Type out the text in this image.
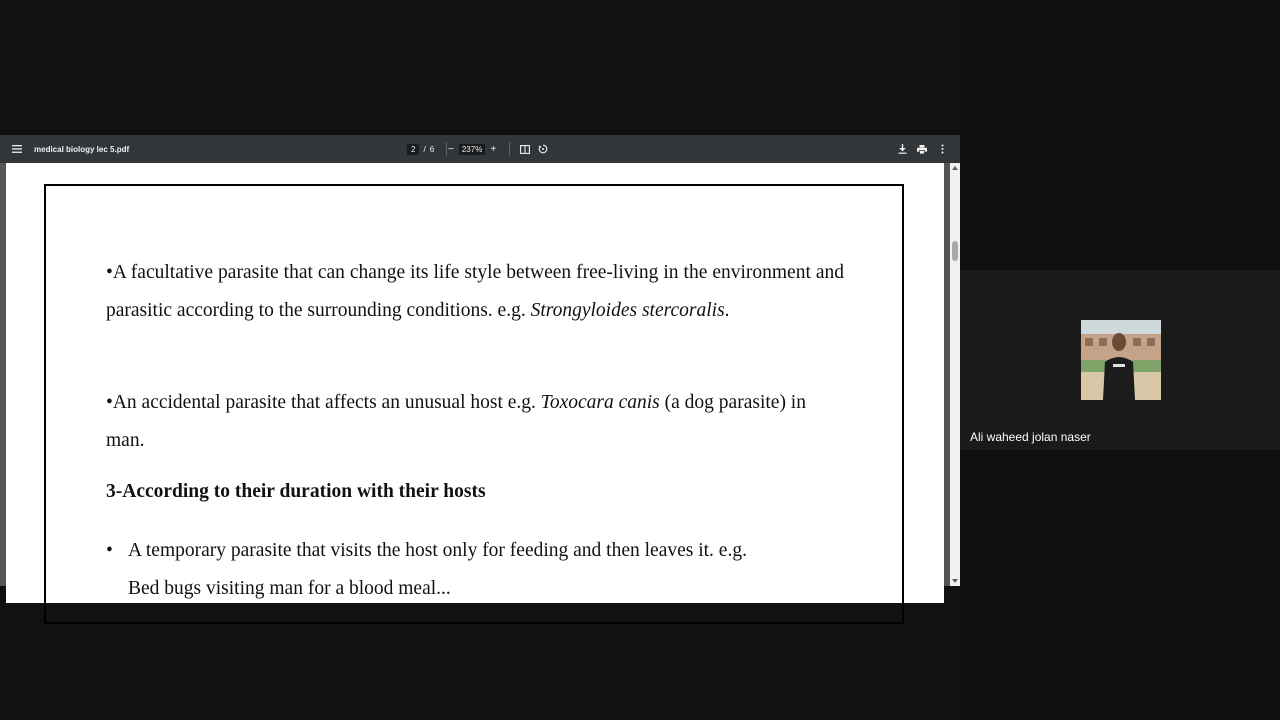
medical biology lec 5.pdf	2	/ 6 −	237% +
•A facultative parasite that can change its life style between free-living in the environment and parasitic according to the surrounding conditions. e.g. Strongyloides stercoralis.
•An accidental parasite that affects an unusual host e.g. Toxocara canis (a dog parasite) in man.
3-According to their duration with their hosts
• A temporary parasite that visits the host only for feeding and then leaves it. e.g.
Bed bugs visiting man for a blood meal...
Ali waheed jolan naser
